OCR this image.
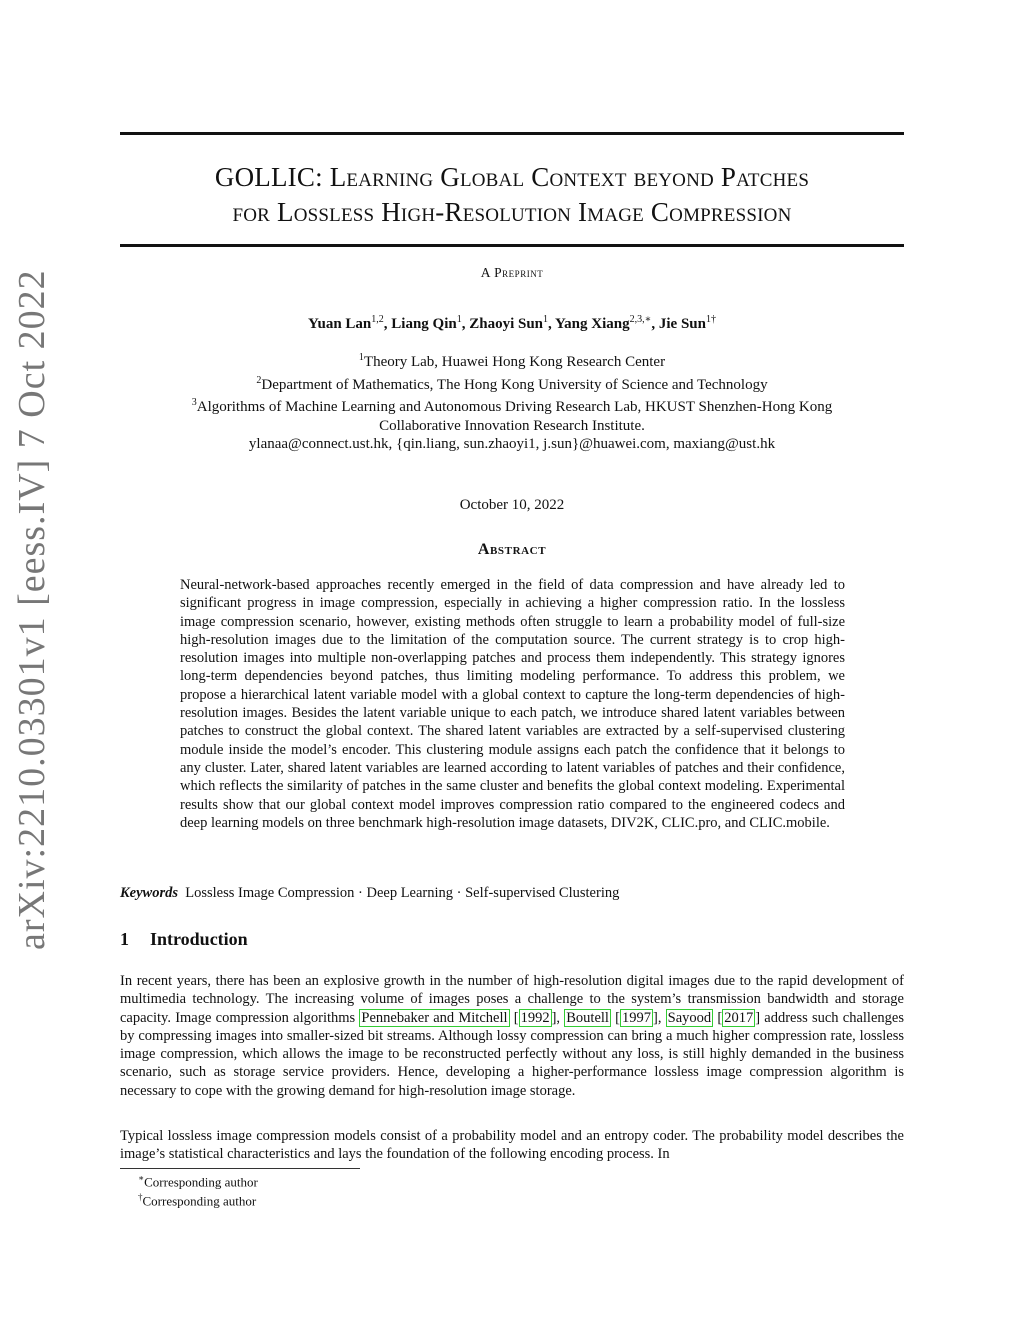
arXiv:2210.03301v1 [eess.IV] 7 Oct 2022
GOLLIC: Learning Global Context beyond Patches
for Lossless High-Resolution Image Compression
A Preprint
Yuan Lan$^{1,2}$, Liang Qin$^1$, Zhaoyi Sun$^1$, Yang Xiang$^{2,3,∗}$, Jie Sun$^{1\dagger}$
$^1$Theory Lab, Huawei Hong Kong Research Center
$^2$Department of Mathematics, The Hong Kong University of Science and Technology
$^3$Algorithms of Machine Learning and Autonomous Driving Research Lab, HKUST Shenzhen-Hong Kong
Collaborative Innovation Research Institute.
ylanaa@connect.ust.hk, {qin.liang, sun.zhaoyi1, j.sun}@huawei.com, maxiang@ust.hk
October 10, 2022
Abstract
Neural-network-based approaches recently emerged in the field of data compression and have already led to significant progress in image compression, especially in achieving a higher compression ratio. In the lossless image compression scenario, however, existing methods often struggle to learn a probability model of full-size high-resolution images due to the limitation of the computation source. The current strategy is to crop high-resolution images into multiple non-overlapping patches and process them independently. This strategy ignores long-term dependencies beyond patches, thus limiting modeling performance. To address this problem, we propose a hierarchical latent variable model with a global context to capture the long-term dependencies of high-resolution images. Besides the latent variable unique to each patch, we introduce shared latent variables between patches to construct the global context. The shared latent variables are extracted by a self-supervised clustering module inside the model’s encoder. This clustering module assigns each patch the confidence that it belongs to any cluster. Later, shared latent variables are learned according to latent variables of patches and their confidence, which reflects the similarity of patches in the same cluster and benefits the global context modeling. Experimental results show that our global context model improves compression ratio compared to the engineered codecs and deep learning models on three benchmark high-resolution image datasets, DIV2K, CLIC.pro, and CLIC.mobile.
Keywords Lossless Image Compression · Deep Learning · Self-supervised Clustering
1 Introduction
In recent years, there has been an explosive growth in the number of high-resolution digital images due to the rapid development of multimedia technology. The increasing volume of images poses a challenge to the system’s transmission bandwidth and storage capacity. Image compression algorithms Pennebaker and Mitchell [ 1992 ], Boutell [ 1997 ], Sayood [ 2017 ] address such challenges by compressing images into smaller-sized bit streams. Although lossy compression can bring a much higher compression rate, lossless image compression, which allows the image to be reconstructed perfectly without any loss, is still highly demanded in the business scenario, such as storage service providers. Hence, developing a higher-performance lossless image compression algorithm is necessary to cope with the growing demand for high-resolution image storage.
Typical lossless image compression models consist of a probability model and an entropy coder. The probability model describes the image’s statistical characteristics and lays the foundation of the following encoding process. In
∗Corresponding author
†Corresponding author
